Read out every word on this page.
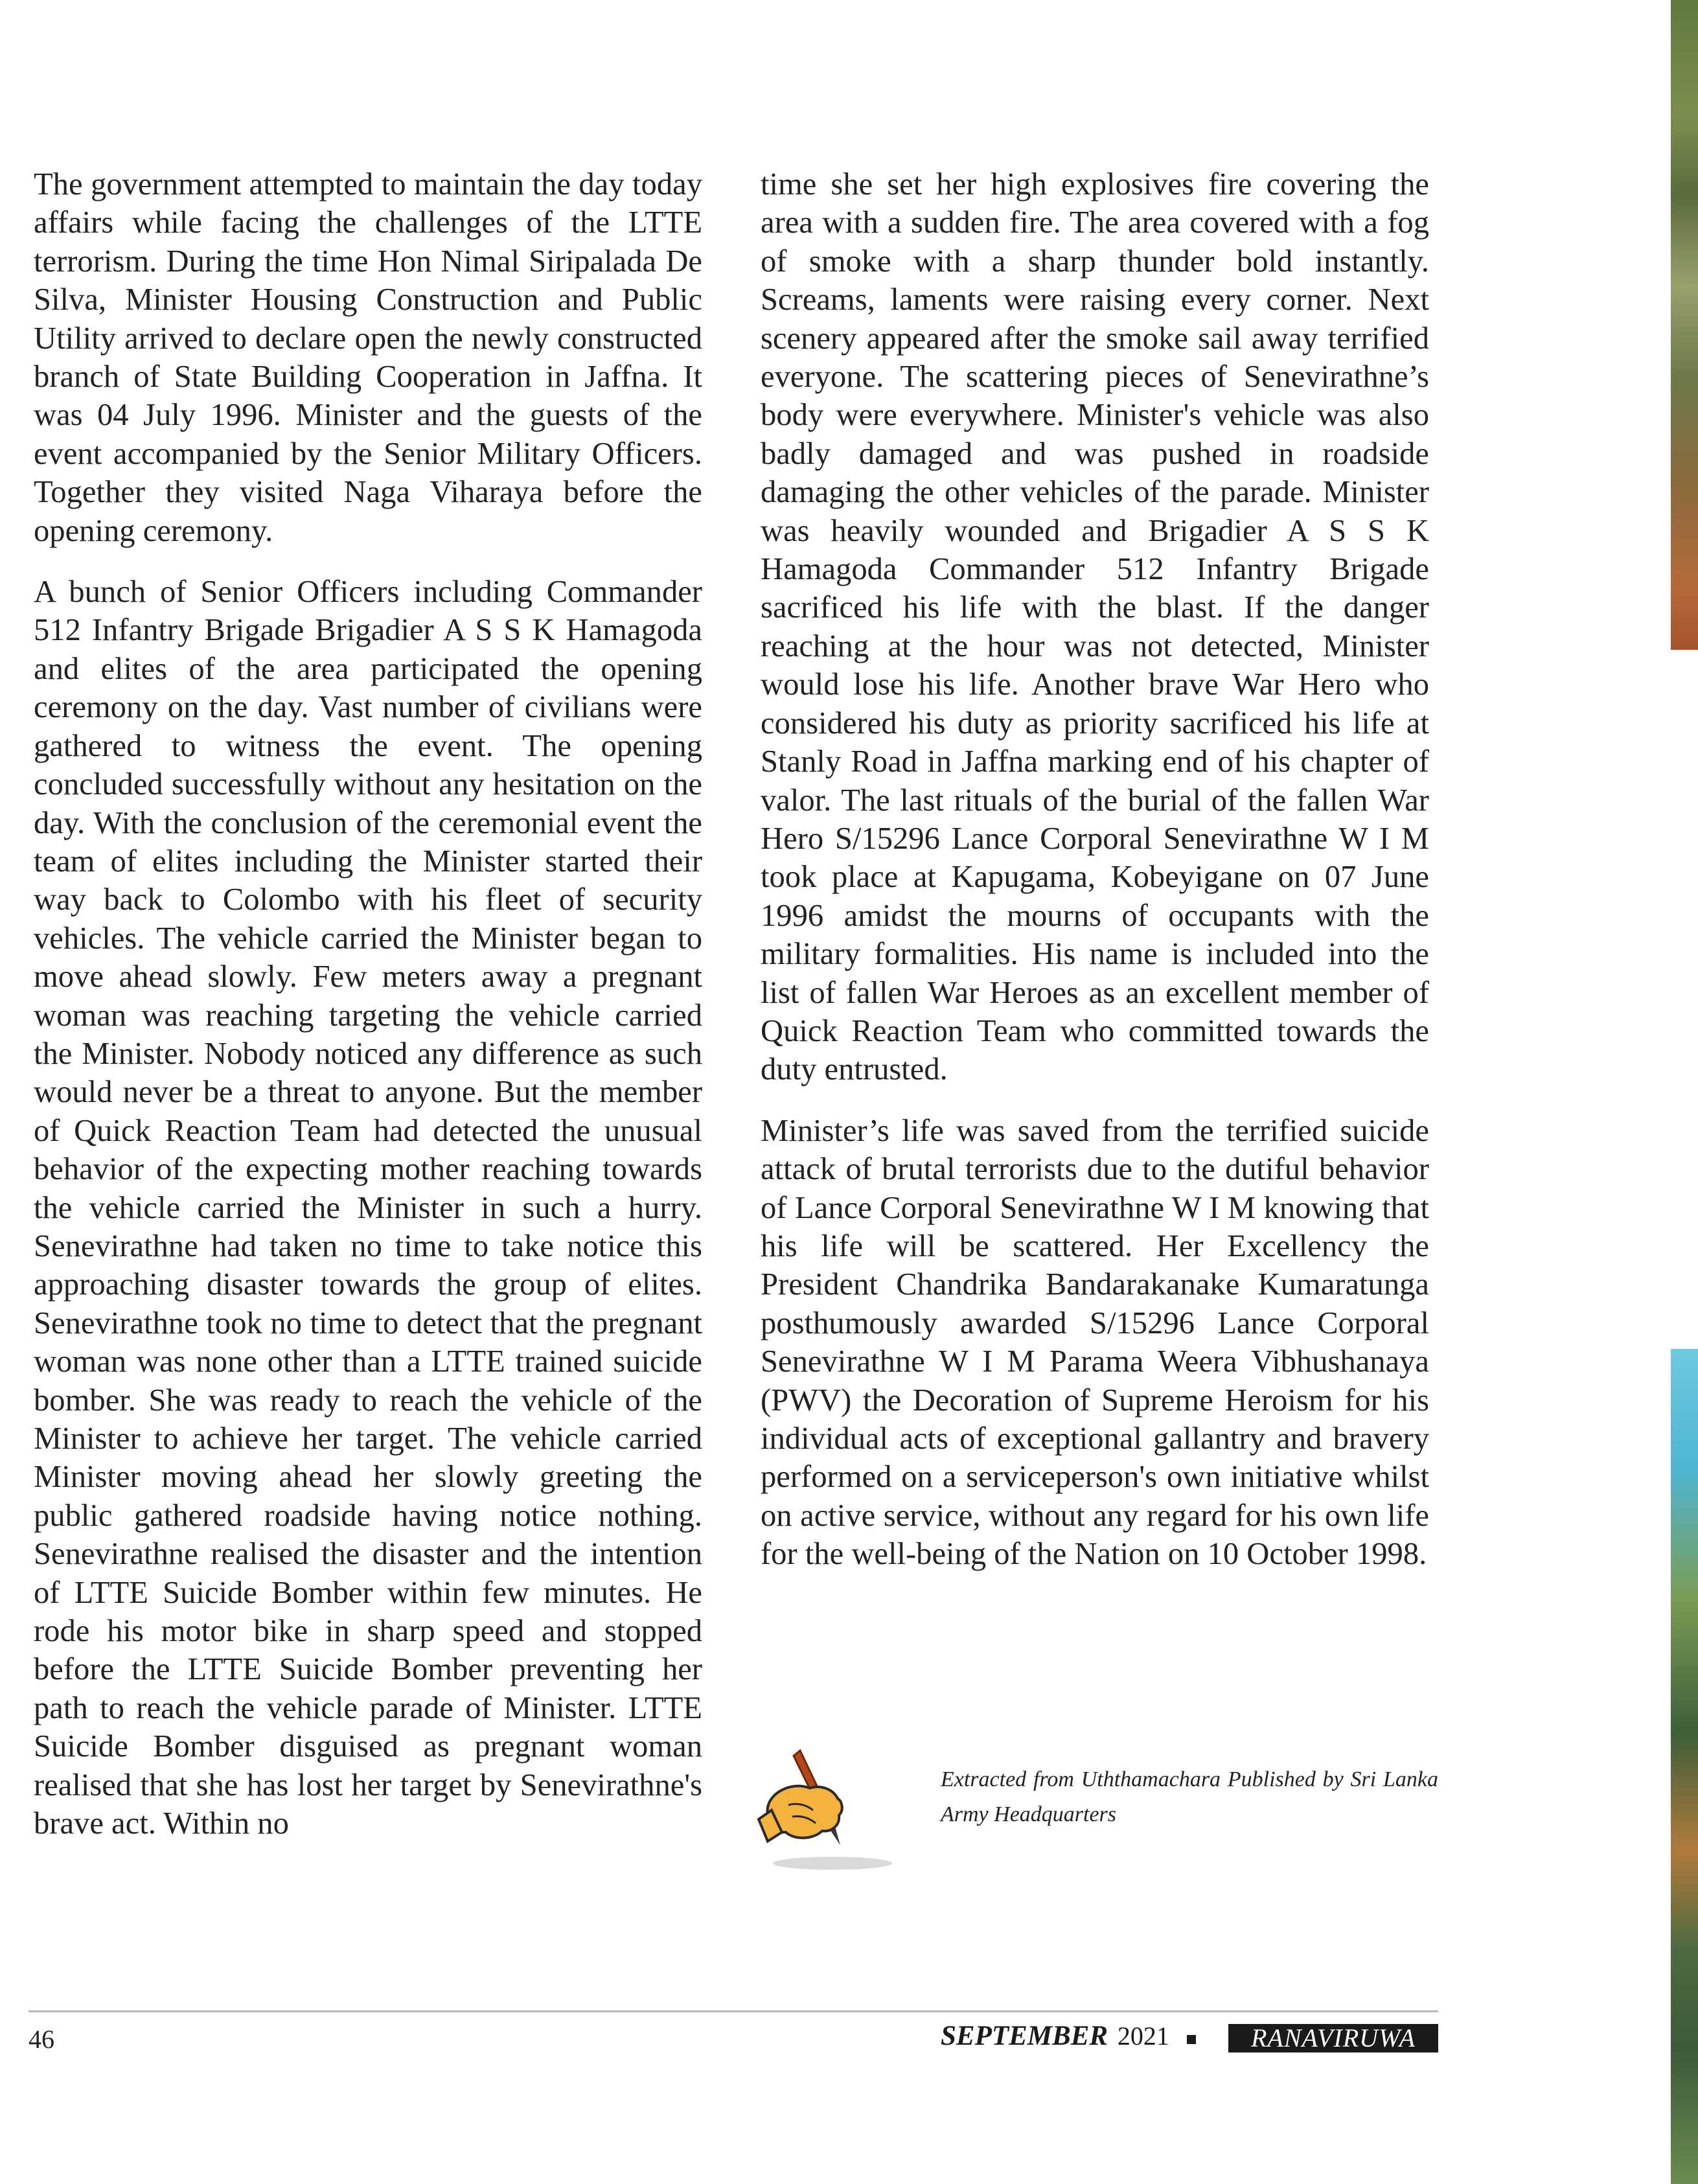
The government attempted to maintain the day today affairs while facing the challenges of the LTTE terrorism. During the time Hon Nimal Siripalada De Silva, Minister Housing Construction and Public Utility arrived to declare open the newly constructed branch of State Building Cooperation in Jaffna. It was 04 July 1996. Minister and the guests of the event accompanied by the Senior Military Officers. Together they visited Naga Viharaya before the opening ceremony.

A bunch of Senior Officers including Commander 512 Infantry Brigade Brigadier A S S K Hamagoda and elites of the area participated the opening ceremony on the day. Vast number of civilians were gathered to witness the event. The opening concluded successfully without any hesitation on the day. With the conclusion of the ceremonial event the team of elites including the Minister started their way back to Colombo with his fleet of security vehicles. The vehicle carried the Minister began to move ahead slowly. Few meters away a pregnant woman was reaching targeting the vehicle carried the Minister. Nobody noticed any difference as such would never be a threat to anyone. But the member of Quick Reaction Team had detected the unusual behavior of the expecting mother reaching towards the vehicle carried the Minister in such a hurry. Senevirathne had taken no time to take notice this approaching disaster towards the group of elites. Senevirathne took no time to detect that the pregnant woman was none other than a LTTE trained suicide bomber. She was ready to reach the vehicle of the Minister to achieve her target. The vehicle carried Minister moving ahead her slowly greeting the public gathered roadside having notice nothing. Senevirathne realised the disaster and the intention of LTTE Suicide Bomber within few minutes. He rode his motor bike in sharp speed and stopped before the LTTE Suicide Bomber preventing her path to reach the vehicle parade of Minister. LTTE Suicide Bomber disguised as pregnant woman realised that she has lost her target by Senevirathne's brave act. Within no

time she set her high explosives fire covering the area with a sudden fire. The area covered with a fog of smoke with a sharp thunder bold instantly. Screams, laments were raising every corner. Next scenery appeared after the smoke sail away terrified everyone. The scattering pieces of Senevirathne’s body were everywhere. Minister's vehicle was also badly damaged and was pushed in roadside damaging the other vehicles of the parade. Minister was heavily wounded and Brigadier A S S K Hamagoda Commander 512 Infantry Brigade sacrificed his life with the blast. If the danger reaching at the hour was not detected, Minister would lose his life. Another brave War Hero who considered his duty as priority sacrificed his life at Stanly Road in Jaffna marking end of his chapter of valor. The last rituals of the burial of the fallen War Hero S/15296 Lance Corporal Senevirathne W I M took place at Kapugama, Kobeyigane on 07 June 1996 amidst the mourns of occupants with the military formalities. His name is included into the list of fallen War Heroes as an excellent member of Quick Reaction Team who committed towards the duty entrusted.

Minister’s life was saved from the terrified suicide attack of brutal terrorists due to the dutiful behavior of Lance Corporal Senevirathne W I M knowing that his life will be scattered. Her Excellency the President Chandrika Bandarakanake Kumaratunga posthumously awarded S/15296 Lance Corporal Senevirathne W I M Parama Weera Vibhushanaya (PWV) the Decoration of Supreme Heroism for his individual acts of exceptional gallantry and bravery performed on a serviceperson's own initiative whilst on active service, without any regard for his own life for the well-being of the Nation on 10 October 1998.

Extracted from Uththamachara Published by Sri Lanka Army Headquarters
46	SEPTEMBER 2021	RANAVIRUWA
